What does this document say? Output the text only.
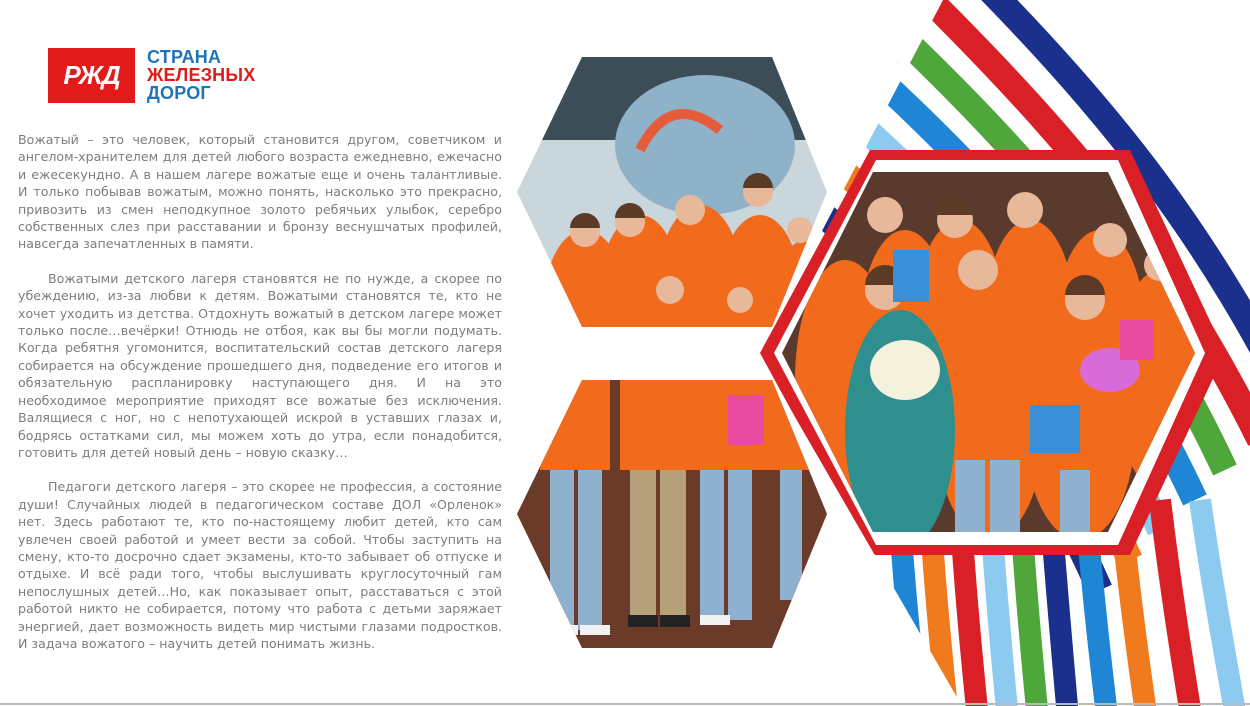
РЖД
СТРАНА
ЖЕЛЕЗНЫХ
ДОРОГ

Вожатый – это человек, который становится другом, советчиком и ангелом-хранителем для детей любого возраста ежедневно, ежечасно и ежесекундно. А в нашем лагере вожатые еще и очень талантливые. И только побывав вожатым, можно понять, насколько это прекрасно, привозить из смен неподкупное золото ребячьих улыбок, серебро собственных слез при расставании и бронзу веснушчатых профилей, навсегда запечатленных в памяти.

Вожатыми детского лагеря становятся не по нужде, а скорее по убеждению, из-за любви к детям. Вожатыми становятся те, кто не хочет уходить из детства. Отдохнуть вожатый в детском лагере может только после…вечёрки! Отнюдь не отбоя, как вы бы могли подумать. Когда ребятня угомонится, воспитательский состав детского лагеря собирается на обсуждение прошедшего дня, подведение его итогов и обязательную распланировку наступающего дня. И на это необходимое мероприятие приходят все вожатые без исключения. Валящиеся с ног, но с непотухающей искрой в уставших глазах и, бодрясь остатками сил, мы можем хоть до утра, если понадобится, готовить для детей новый день – новую сказку…

Педагоги детского лагеря – это скорее не профессия, а состояние души! Случайных людей в педагогическом составе ДОЛ «Орленок» нет. Здесь работают те, кто по-настоящему любит детей, кто сам увлечен своей работой и умеет вести за собой. Чтобы заступить на смену, кто-то досрочно сдает экзамены, кто-то забывает об отпуске и отдыхе. И всё ради того, чтобы выслушивать круглосуточный гам непослушных детей…Но, как показывает опыт, расставаться с этой работой никто не собирается, потому что работа с детьми заряжает энергией, дает возможность видеть мир чистыми глазами подростков. И задача вожатого – научить детей понимать жизнь.
